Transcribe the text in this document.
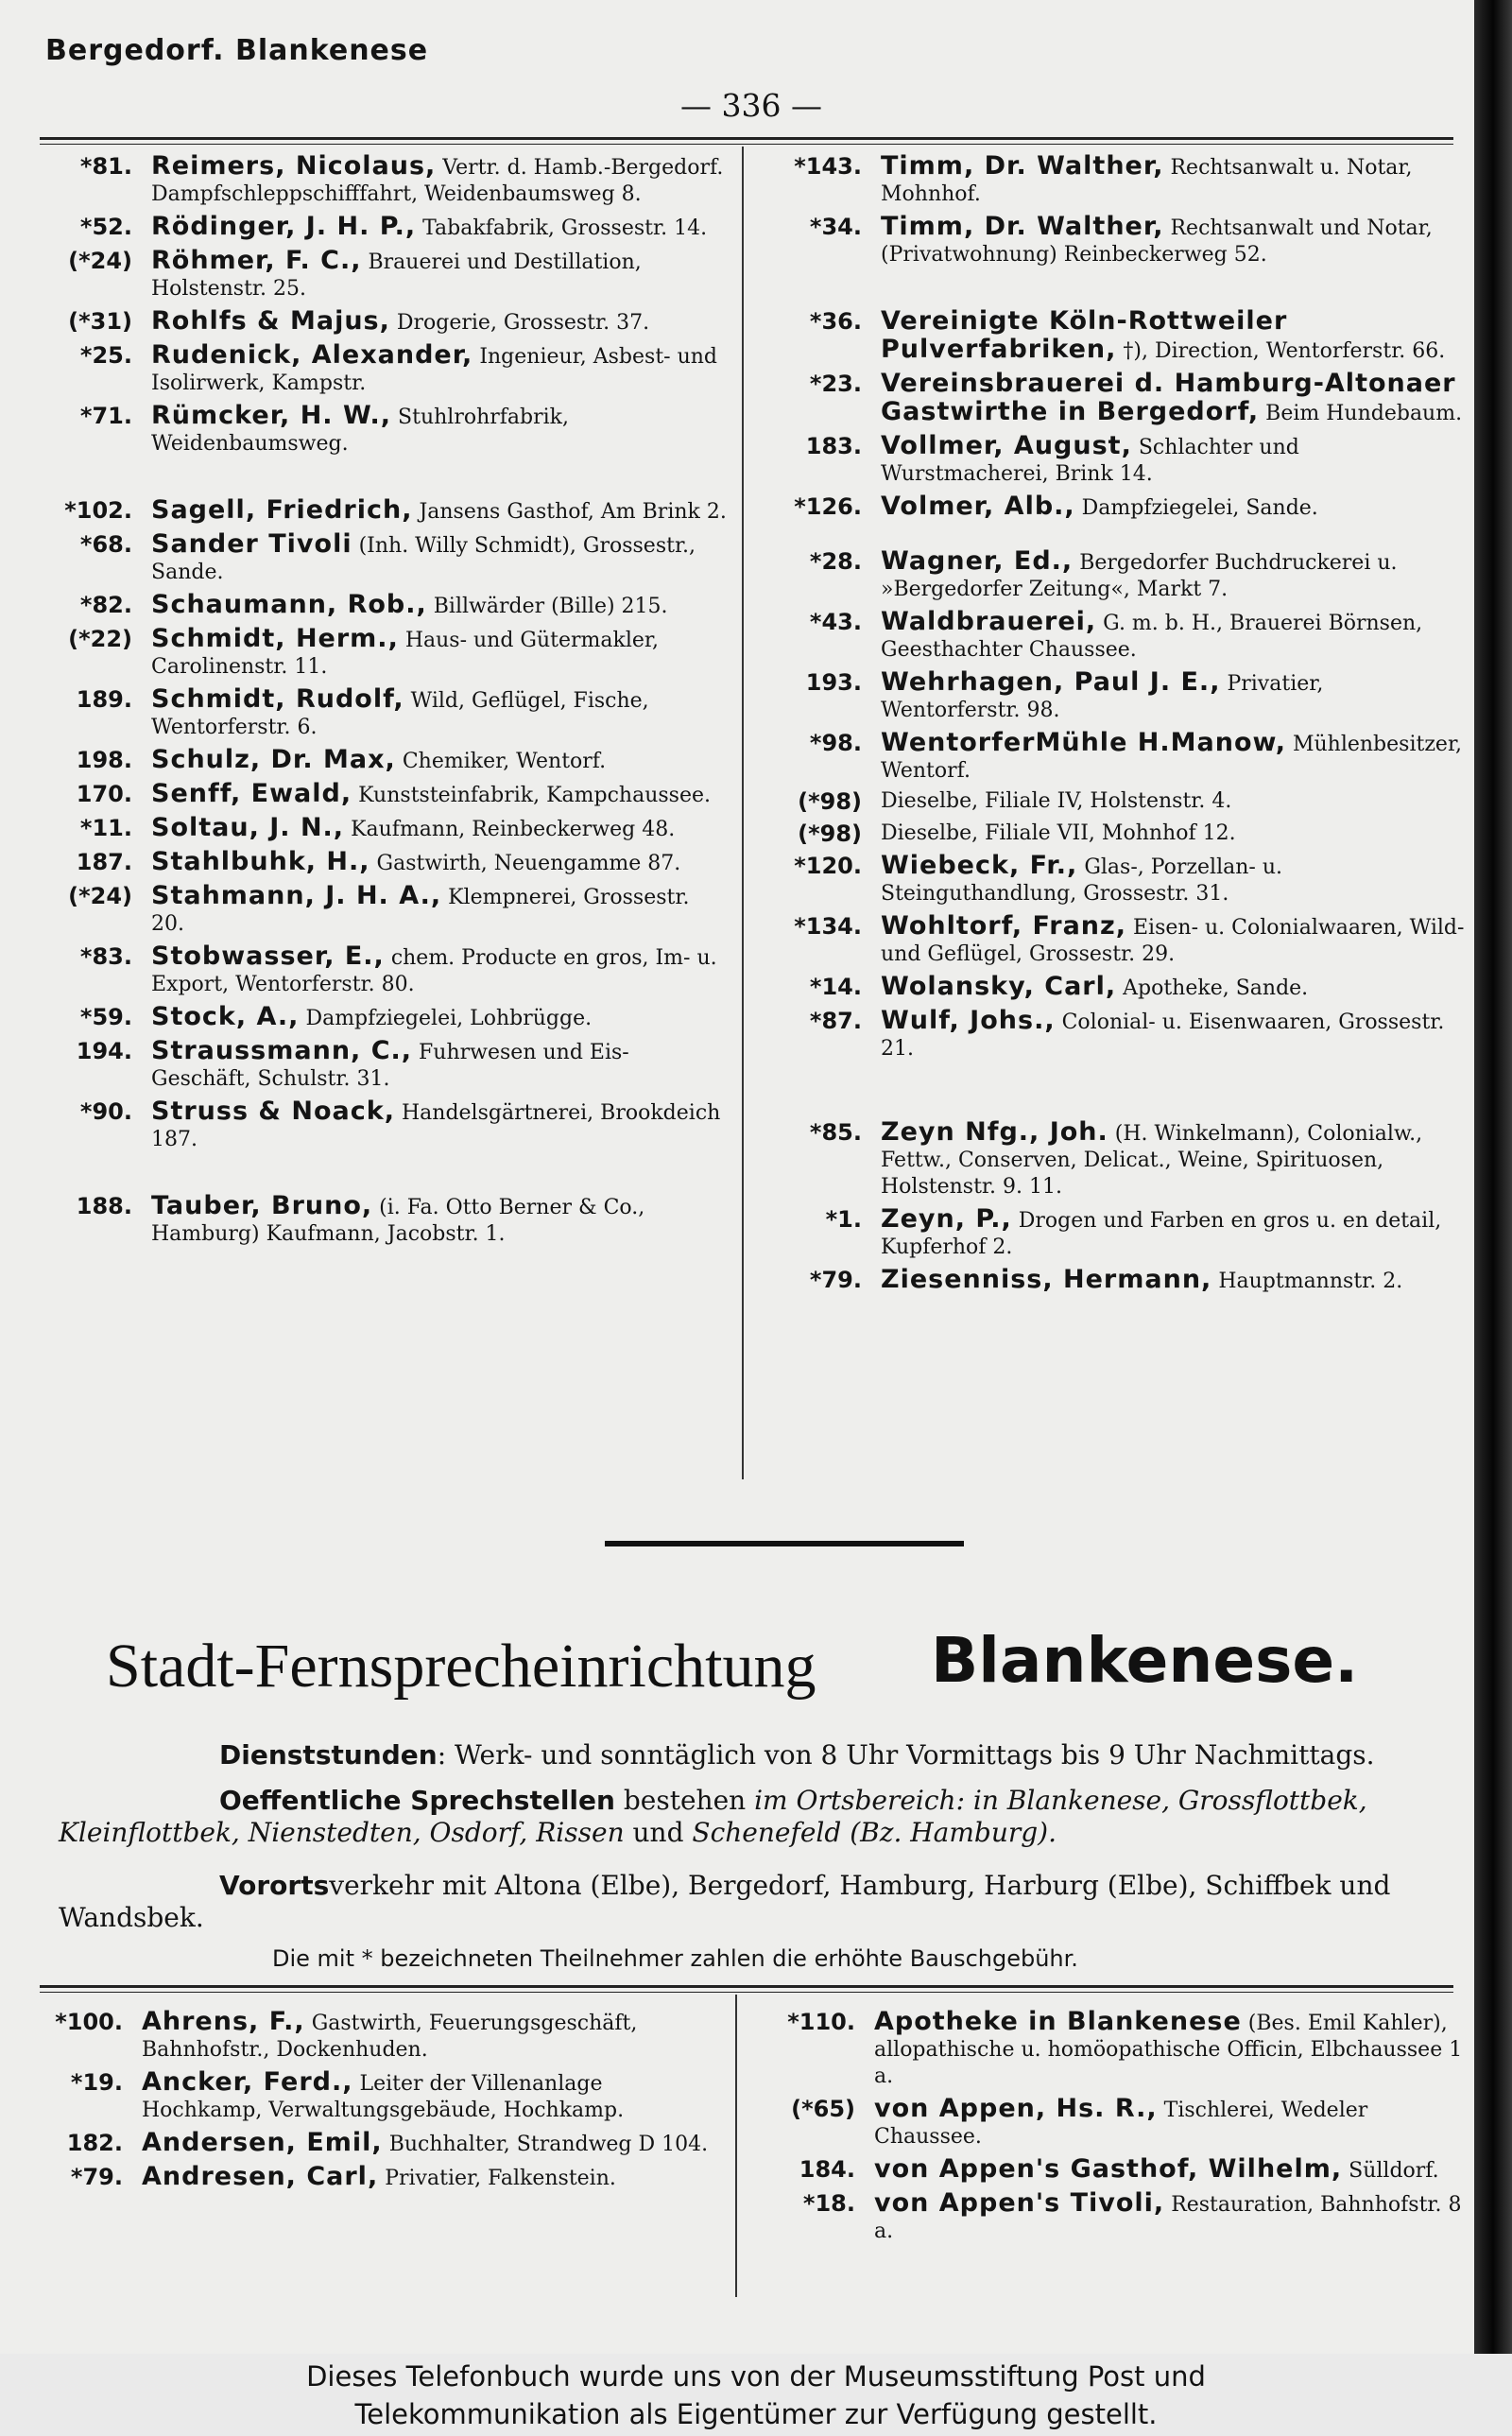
Bergedorf. Blankenese
— 336 —
*81. Reimers, Nicolaus, Vertr. d. Hamb.-Bergedorf. Dampfschleppschifffahrt, Weidenbaumsweg 8.
*52. Rödinger, J. H. P., Tabakfabrik, Grossestr. 14.
(*24) Röhmer, F. C., Brauerei und Destillation, Holstenstr. 25.
(*31) Rohlfs & Majus, Drogerie, Grossestr. 37.
*25. Rudenick, Alexander, Ingenieur, Asbest- und Isolirwerk, Kampstr.
*71. Rümcker, H. W., Stuhlrohrfabrik, Weidenbaumsweg.
*102. Sagell, Friedrich, Jansens Gasthof, Am Brink 2.
*68. Sander Tivoli (Inh. Willy Schmidt), Grossestr., Sande.
*82. Schaumann, Rob., Billwärder (Bille) 215.
(*22) Schmidt, Herm., Haus- und Gütermakler, Carolinenstr. 11.
189. Schmidt, Rudolf, Wild, Geflügel, Fische, Wentorferstr. 6.
198. Schulz, Dr. Max, Chemiker, Wentorf.
170. Senff, Ewald, Kunststeinfabrik, Kampchaussee.
*11. Soltau, J. N., Kaufmann, Reinbeckerweg 48.
187. Stahlbuhk, H., Gastwirth, Neuengamme 87.
(*24) Stahmann, J. H. A., Klempnerei, Grossestr. 20.
*83. Stobwasser, E., chem. Producte en gros, Im- u. Export, Wentorferstr. 80.
*59. Stock, A., Dampfziegelei, Lohbrügge.
194. Straussmann, C., Fuhrwesen und Eis-Geschäft, Schulstr. 31.
*90. Struss & Noack, Handelsgärtnerei, Brookdeich 187.
188. Tauber, Bruno, (i. Fa. Otto Berner & Co., Hamburg) Kaufmann, Jacobstr. 1.
*143. Timm, Dr. Walther, Rechtsanwalt u. Notar, Mohnhof.
*34. Timm, Dr. Walther, Rechtsanwalt und Notar, (Privatwohnung) Reinbeckerweg 52.
*36. Vereinigte Köln-Rottweiler Pulverfabriken, †), Direction, Wentorferstr. 66.
*23. Vereinsbrauerei d. Hamburg-Altonaer Gastwirthe in Bergedorf, Beim Hundebaum.
183. Vollmer, August, Schlachter und Wurstmacherei, Brink 14.
*126. Volmer, Alb., Dampfziegelei, Sande.
*28. Wagner, Ed., Bergedorfer Buchdruckerei u. »Bergedorfer Zeitung«, Markt 7.
*43. Waldbrauerei, G. m. b. H., Brauerei Börnsen, Geesthachter Chaussee.
193. Wehrhagen, Paul J. E., Privatier, Wentorferstr. 98.
*98. WentorferMühle H.Manow, Mühlenbesitzer, Wentorf.
(*98) Dieselbe, Filiale IV, Holstenstr. 4.
(*98) Dieselbe, Filiale VII, Mohnhof 12.
*120. Wiebeck, Fr., Glas-, Porzellan- u. Steinguthandlung, Grossestr. 31.
*134. Wohltorf, Franz, Eisen- u. Colonialwaaren, Wild- und Geflügel, Grossestr. 29.
*14. Wolansky, Carl, Apotheke, Sande.
*87. Wulf, Johs., Colonial- u. Eisenwaaren, Grossestr. 21.
*85. Zeyn Nfg., Joh. (H. Winkelmann), Colonialw., Fettw., Conserven, Delicat., Weine, Spirituosen, Holstenstr. 9. 11.
*1. Zeyn, P., Drogen und Farben en gros u. en detail, Kupferhof 2.
*79. Ziesenniss, Hermann, Hauptmannstr. 2.
Stadt-Fernsprecheinrichtung Blankenese.
Dienststunden: Werk- und sonntäglich von 8 Uhr Vormittags bis 9 Uhr Nachmittags.
Oeffentliche Sprechstellen bestehen im Ortsbereich: in Blankenese, Grossflottbek, Kleinflottbek, Nienstedten, Osdorf, Rissen und Schenefeld (Bz. Hamburg).
Vorortsverkehr mit Altona (Elbe), Bergedorf, Hamburg, Harburg (Elbe), Schiffbek und Wandsbek.
Die mit * bezeichneten Theilnehmer zahlen die erhöhte Bauschgebühr.
*100. Ahrens, F., Gastwirth, Feuerungsgeschäft, Bahnhofstr., Dockenhuden.
*19. Ancker, Ferd., Leiter der Villenanlage Hochkamp, Verwaltungsgebäude, Hochkamp.
182. Andersen, Emil, Buchhalter, Strandweg D 104.
*79. Andresen, Carl, Privatier, Falkenstein.
*110. Apotheke in Blankenese (Bes. Emil Kahler), allopathische u. homöopathische Officin, Elbchaussee 1 a.
(*65) von Appen, Hs. R., Tischlerei, Wedeler Chaussee.
184. von Appen's Gasthof, Wilhelm, Sülldorf.
*18. von Appen's Tivoli, Restauration, Bahnhofstr. 8 a.
Dieses Telefonbuch wurde uns von der Museumsstiftung Post und
Telekommunikation als Eigentümer zur Verfügung gestellt.
